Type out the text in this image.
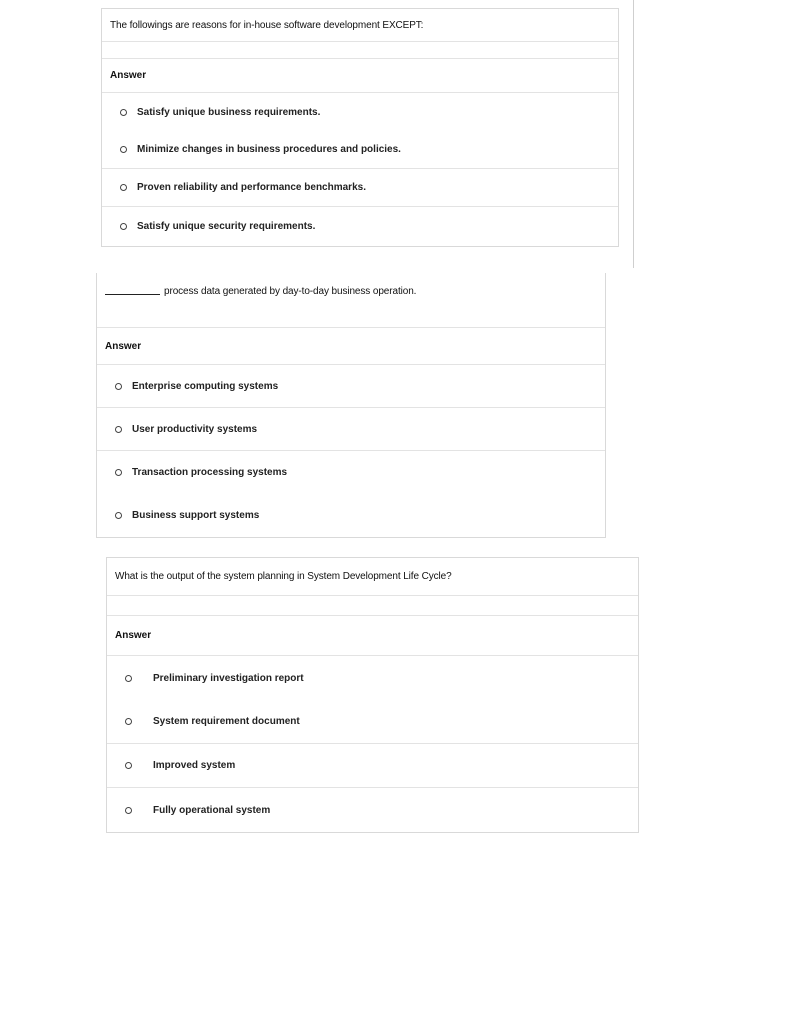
The followings are reasons for in-house software development EXCEPT:
Answer
Satisfy unique business requirements.
Minimize changes in business procedures and policies.
Proven reliability and performance benchmarks.
Satisfy unique security requirements.
process data generated by day-to-day business operation.
Answer
Enterprise computing systems
User productivity systems
Transaction processing systems
Business support systems
What is the output of the system planning in System Development Life Cycle?
Answer
Preliminary investigation report
System requirement document
Improved system
Fully operational system
